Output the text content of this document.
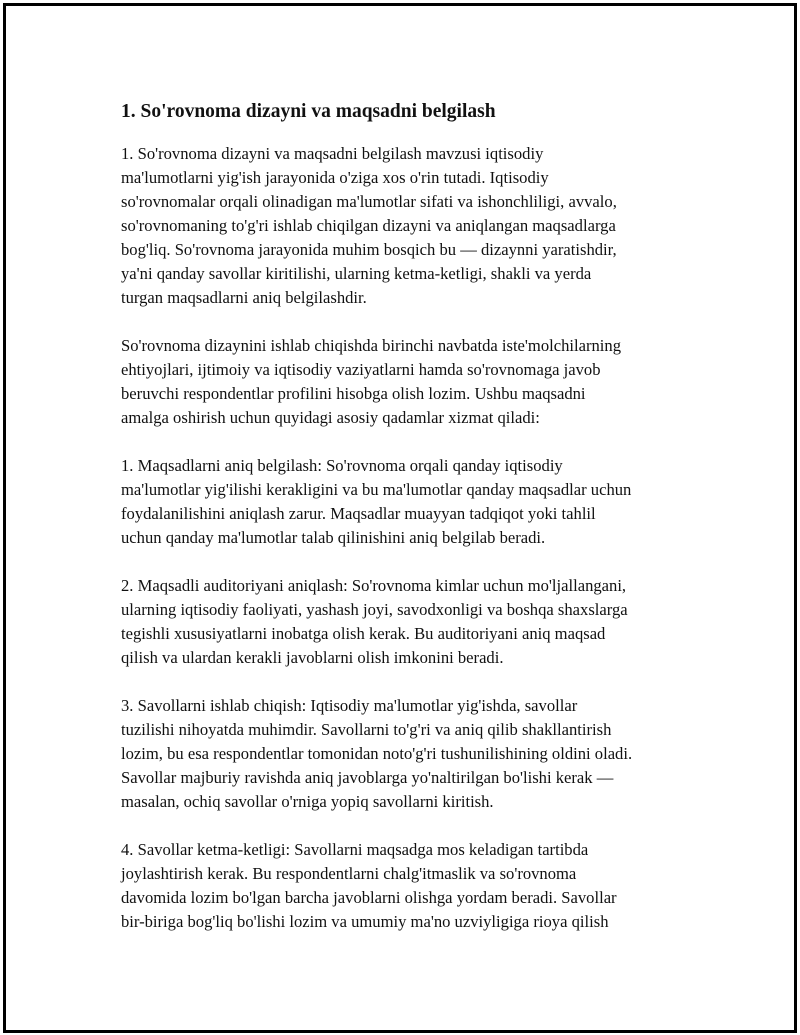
1. So'rovnoma dizayni va maqsadni belgilash

1. So'rovnoma dizayni va maqsadni belgilash mavzusi iqtisodiy
ma'lumotlarni yig'ish jarayonida o'ziga xos o'rin tutadi. Iqtisodiy
so'rovnomalar orqali olinadigan ma'lumotlar sifati va ishonchliligi, avvalo,
so'rovnomaning to'g'ri ishlab chiqilgan dizayni va aniqlangan maqsadlarga
bog'liq. So'rovnoma jarayonida muhim bosqich bu — dizaynni yaratishdir,
ya'ni qanday savollar kiritilishi, ularning ketma-ketligi, shakli va yerda
turgan maqsadlarni aniq belgilashdir.

So'rovnoma dizaynini ishlab chiqishda birinchi navbatda iste'molchilarning
ehtiyojlari, ijtimoiy va iqtisodiy vaziyatlarni hamda so'rovnomaga javob
beruvchi respondentlar profilini hisobga olish lozim. Ushbu maqsadni
amalga oshirish uchun quyidagi asosiy qadamlar xizmat qiladi:

1. Maqsadlarni aniq belgilash: So'rovnoma orqali qanday iqtisodiy
ma'lumotlar yig'ilishi kerakligini va bu ma'lumotlar qanday maqsadlar uchun
foydalanilishini aniqlash zarur. Maqsadlar muayyan tadqiqot yoki tahlil
uchun qanday ma'lumotlar talab qilinishini aniq belgilab beradi.

2. Maqsadli auditoriyani aniqlash: So'rovnoma kimlar uchun mo'ljallangani,
ularning iqtisodiy faoliyati, yashash joyi, savodxonligi va boshqa shaxslarga
tegishli xususiyatlarni inobatga olish kerak. Bu auditoriyani aniq maqsad
qilish va ulardan kerakli javoblarni olish imkonini beradi.

3. Savollarni ishlab chiqish: Iqtisodiy ma'lumotlar yig'ishda, savollar
tuzilishi nihoyatda muhimdir. Savollarni to'g'ri va aniq qilib shakllantirish
lozim, bu esa respondentlar tomonidan noto'g'ri tushunilishining oldini oladi.
Savollar majburiy ravishda aniq javoblarga yo'naltirilgan bo'lishi kerak —
masalan, ochiq savollar o'rniga yopiq savollarni kiritish.

4. Savollar ketma-ketligi: Savollarni maqsadga mos keladigan tartibda
joylashtirish kerak. Bu respondentlarni chalg'itmaslik va so'rovnoma
davomida lozim bo'lgan barcha javoblarni olishga yordam beradi. Savollar
bir-biriga bog'liq bo'lishi lozim va umumiy ma'no uzviyligiga rioya qilish
